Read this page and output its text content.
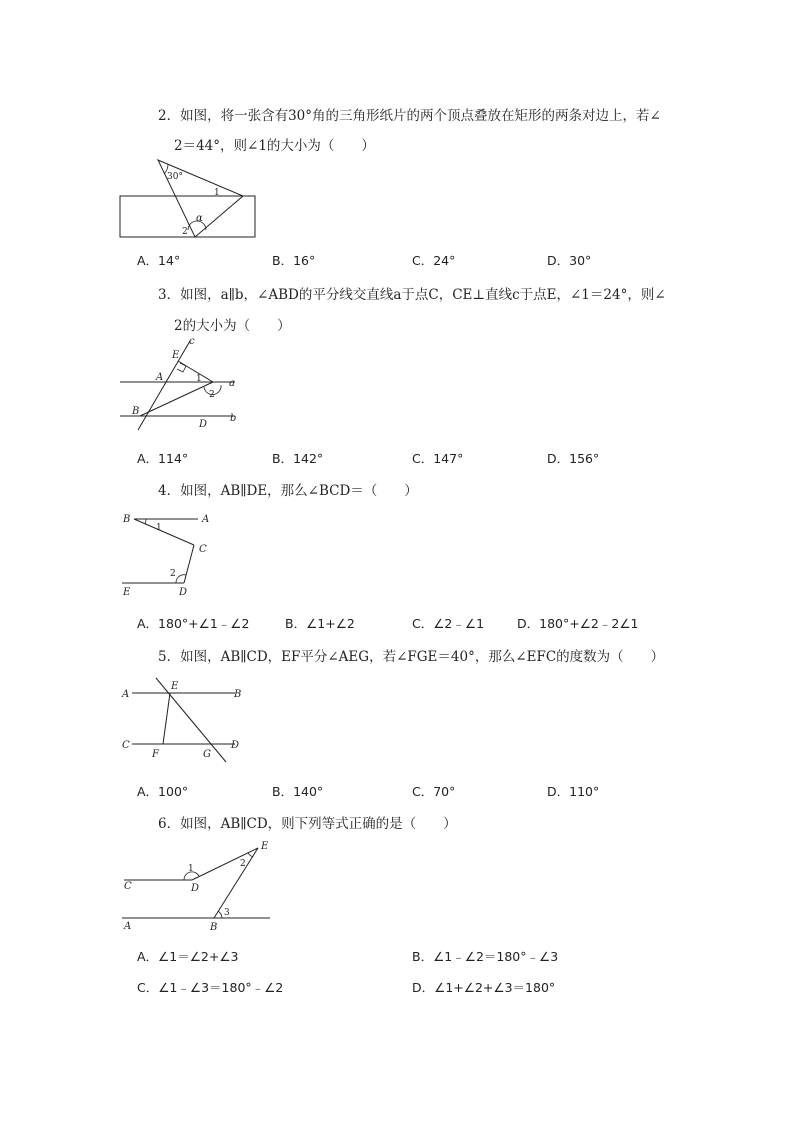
2．如图，将一张含有30°角的三角形纸片的两个顶点叠放在矩形的两条对边上，若∠
2＝44°，则∠1的大小为（　　）
30°
1
2
α
A．14°	B．16°	C．24°	D．30°
3．如图，a∥b，∠ABD的平分线交直线a于点C，CE⊥直线c于点E，∠1＝24°，则∠
2的大小为（　　）
c
E
A	1
2
a
B
D
b
A．114°	B．142°	C．147°	D．156°
4．如图，AB∥DE，那么∠BCD＝（　　）
B	A
1
C
2
E	D
A．180°+∠1﹣∠2	B．∠1+∠2	C．∠2﹣∠1	D．180°+∠2﹣2∠1
5．如图，AB∥CD，EF平分∠AEG，若∠FGE＝40°，那么∠EFC的度数为（　　）
A
E
B
C
F	G
D
A．100°	B．140°	C．70°	D．110°
6．如图，AB∥CD，则下列等式正确的是（　　）
1	2
E
C	D
3
A	B
A．∠1＝∠2+∠3	B．∠1﹣∠2＝180°﹣∠3
C．∠1﹣∠3＝180°﹣∠2	D．∠1+∠2+∠3＝180°
